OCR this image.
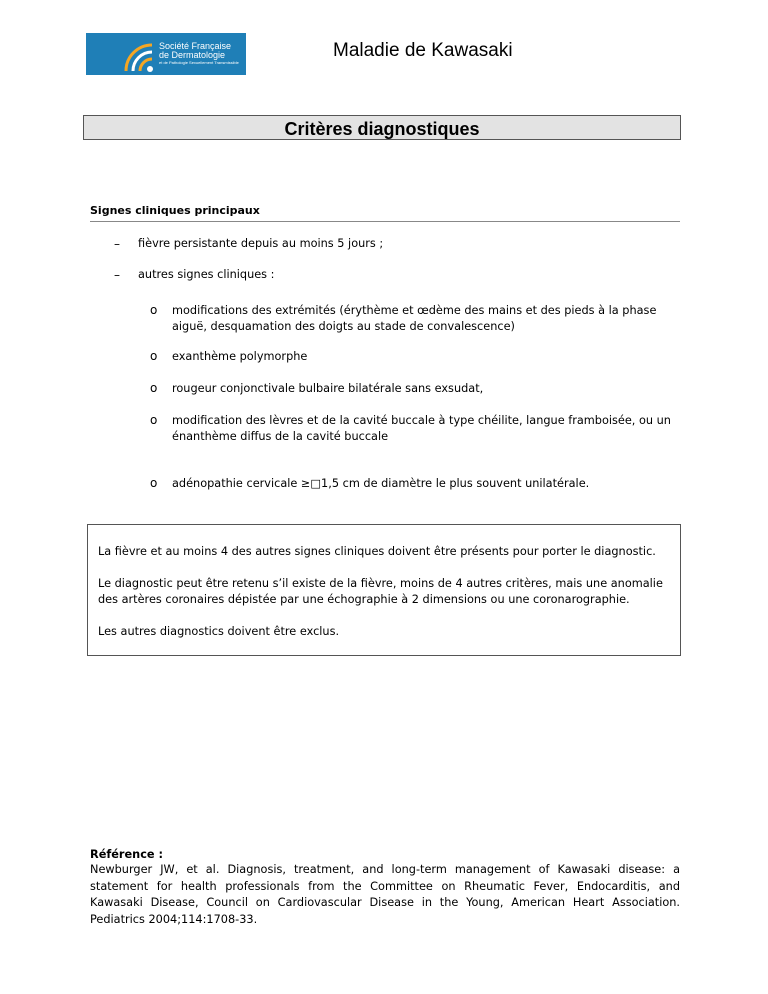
Société Française
de Dermatologie
et de Pathologie Sexuellement Transmissible
Maladie de Kawasaki
Critères diagnostiques
Signes cliniques principaux
– fièvre persistante depuis au moins 5 jours ;
– autres signes cliniques :
o modifications des extrémités (érythème et œdème des mains et des pieds à la phase aiguë, desquamation des doigts au stade de convalescence)
o exanthème polymorphe
o rougeur conjonctivale bulbaire bilatérale sans exsudat,
o modification des lèvres et de la cavité buccale à type chéilite, langue framboisée, ou un énanthème diffus de la cavité buccale
o adénopathie cervicale ≥□1,5 cm de diamètre le plus souvent unilatérale.

La fièvre et au moins 4 des autres signes cliniques doivent être présents pour porter le diagnostic.

Le diagnostic peut être retenu s’il existe de la fièvre, moins de 4 autres critères, mais une anomalie des artères coronaires dépistée par une échographie à 2 dimensions ou une coronarographie.

Les autres diagnostics doivent être exclus.

Référence :
Newburger JW, et al. Diagnosis, treatment, and long-term management of Kawasaki disease: a statement for health professionals from the Committee on Rheumatic Fever, Endocarditis, and Kawasaki Disease, Council on Cardiovascular Disease in the Young, American Heart Association. Pediatrics 2004;114:1708-33.
